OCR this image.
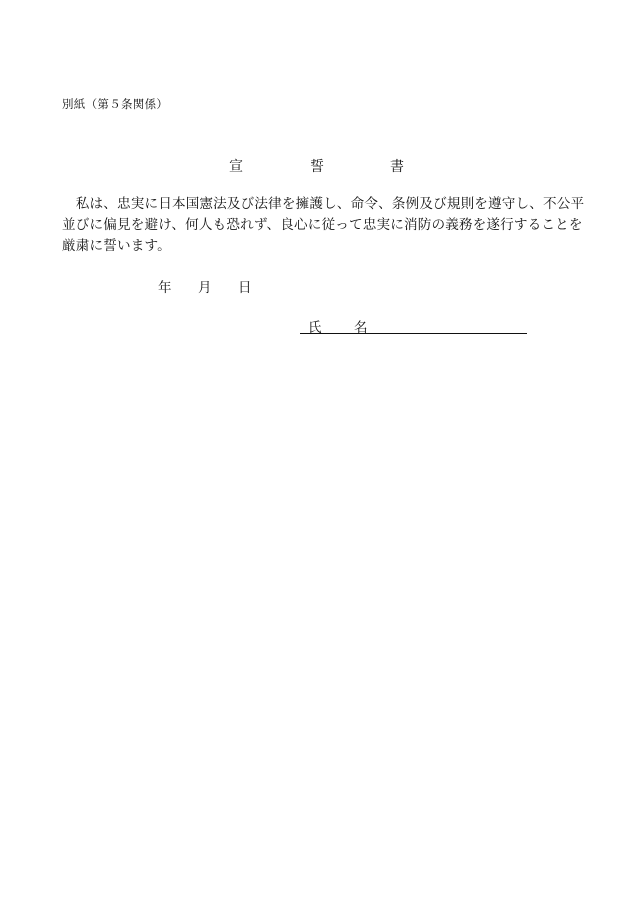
別紙（第５条関係）
宣	誓	書
　私は、忠実に日本国憲法及び法律を擁護し、命令、条例及び規則を遵守し、不公平
並びに偏見を避け、何人も恐れず、良心に従って忠実に消防の義務を遂行することを
厳粛に誓います。
年 月 日
氏 名
